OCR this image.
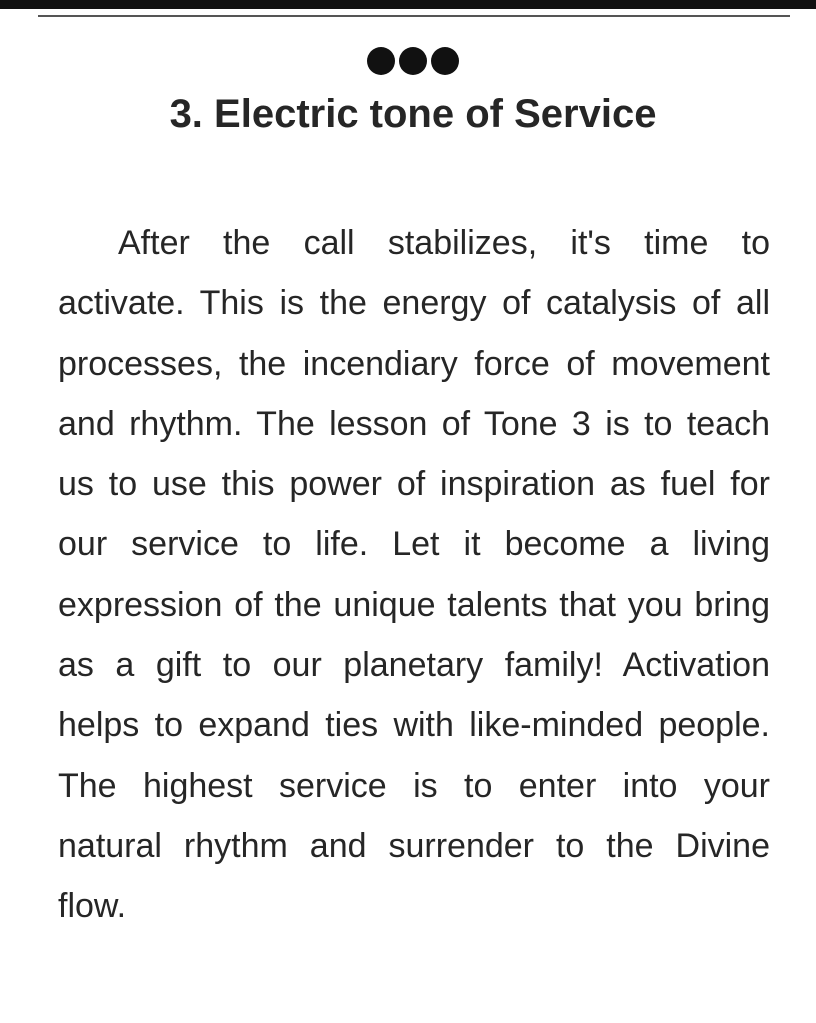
3. Electric tone of Service

After the call stabilizes, it's time to activate. This is the energy of catalysis of all processes, the incendiary force of movement and rhythm. The lesson of Tone 3 is to teach us to use this power of inspiration as fuel for our service to life. Let it become a living expression of the unique talents that you bring as a gift to our planetary family! Activation helps to expand ties with like-minded people. The highest service is to enter into your natural rhythm and surrender to the Divine flow.
